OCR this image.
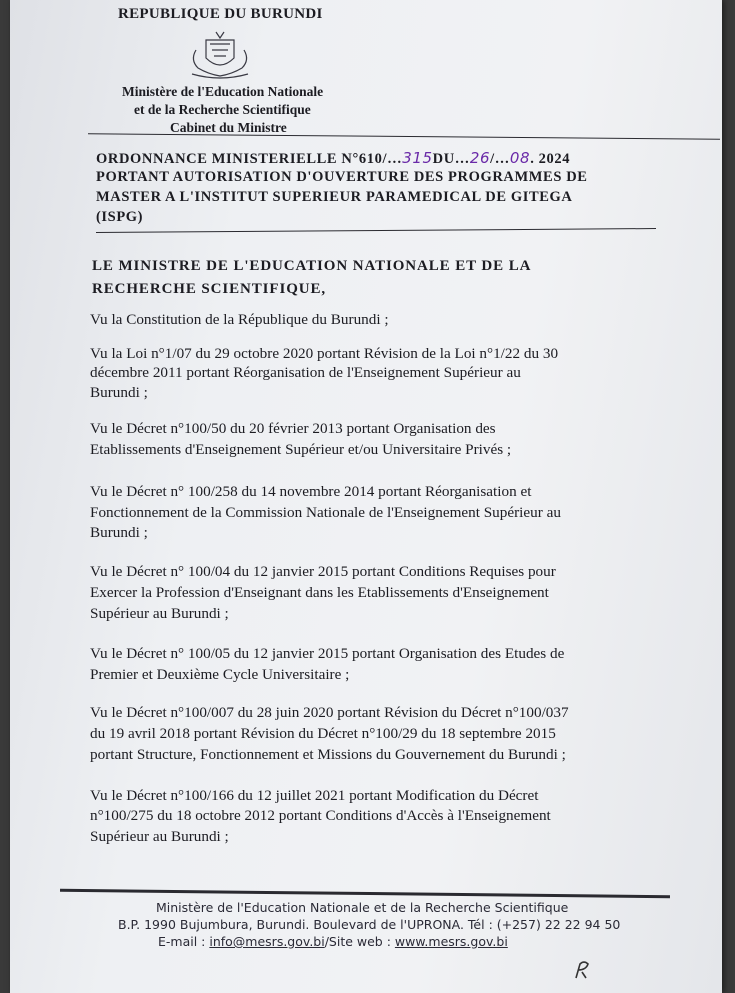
REPUBLIQUE DU BURUNDI
Ministère de l'Education Nationale
et de la Recherche Scientifique
Cabinet du Ministre
ORDONNANCE MINISTERIELLE N°610/…315DU…26/…08. 2024
PORTANT AUTORISATION D'OUVERTURE DES PROGRAMMES DE
MASTER A L'INSTITUT SUPERIEUR PARAMEDICAL DE GITEGA
(ISPG)
LE MINISTRE DE L'EDUCATION NATIONALE ET DE LA
RECHERCHE SCIENTIFIQUE,
Vu la Constitution de la République du Burundi ;
Vu la Loi n°1/07 du 29 octobre 2020 portant Révision de la Loi n°1/22 du 30
décembre 2011 portant Réorganisation de l'Enseignement Supérieur au
Burundi ;
Vu le Décret n°100/50 du 20 février 2013 portant Organisation des
Etablissements d'Enseignement Supérieur et/ou Universitaire Privés ;
Vu le Décret n° 100/258 du 14 novembre 2014 portant Réorganisation et
Fonctionnement de la Commission Nationale de l'Enseignement Supérieur au
Burundi ;
Vu le Décret n° 100/04 du 12 janvier 2015 portant Conditions Requises pour
Exercer la Profession d'Enseignant dans les Etablissements d'Enseignement
Supérieur au Burundi ;
Vu le Décret n° 100/05 du 12 janvier 2015 portant Organisation des Etudes de
Premier et Deuxième Cycle Universitaire ;
Vu le Décret n°100/007 du 28 juin 2020 portant Révision du Décret n°100/037
du 19 avril 2018 portant Révision du Décret n°100/29 du 18 septembre 2015
portant Structure, Fonctionnement et Missions du Gouvernement du Burundi ;
Vu le Décret n°100/166 du 12 juillet 2021 portant Modification du Décret
n°100/275 du 18 octobre 2012 portant Conditions d'Accès à l'Enseignement
Supérieur au Burundi ;
Ministère de l'Education Nationale et de la Recherche Scientifique
B.P. 1990 Bujumbura, Burundi. Boulevard de l'UPRONA. Tél : (+257) 22 22 94 50
E-mail : info@mesrs.gov.bi/Site web : www.mesrs.gov.bi
